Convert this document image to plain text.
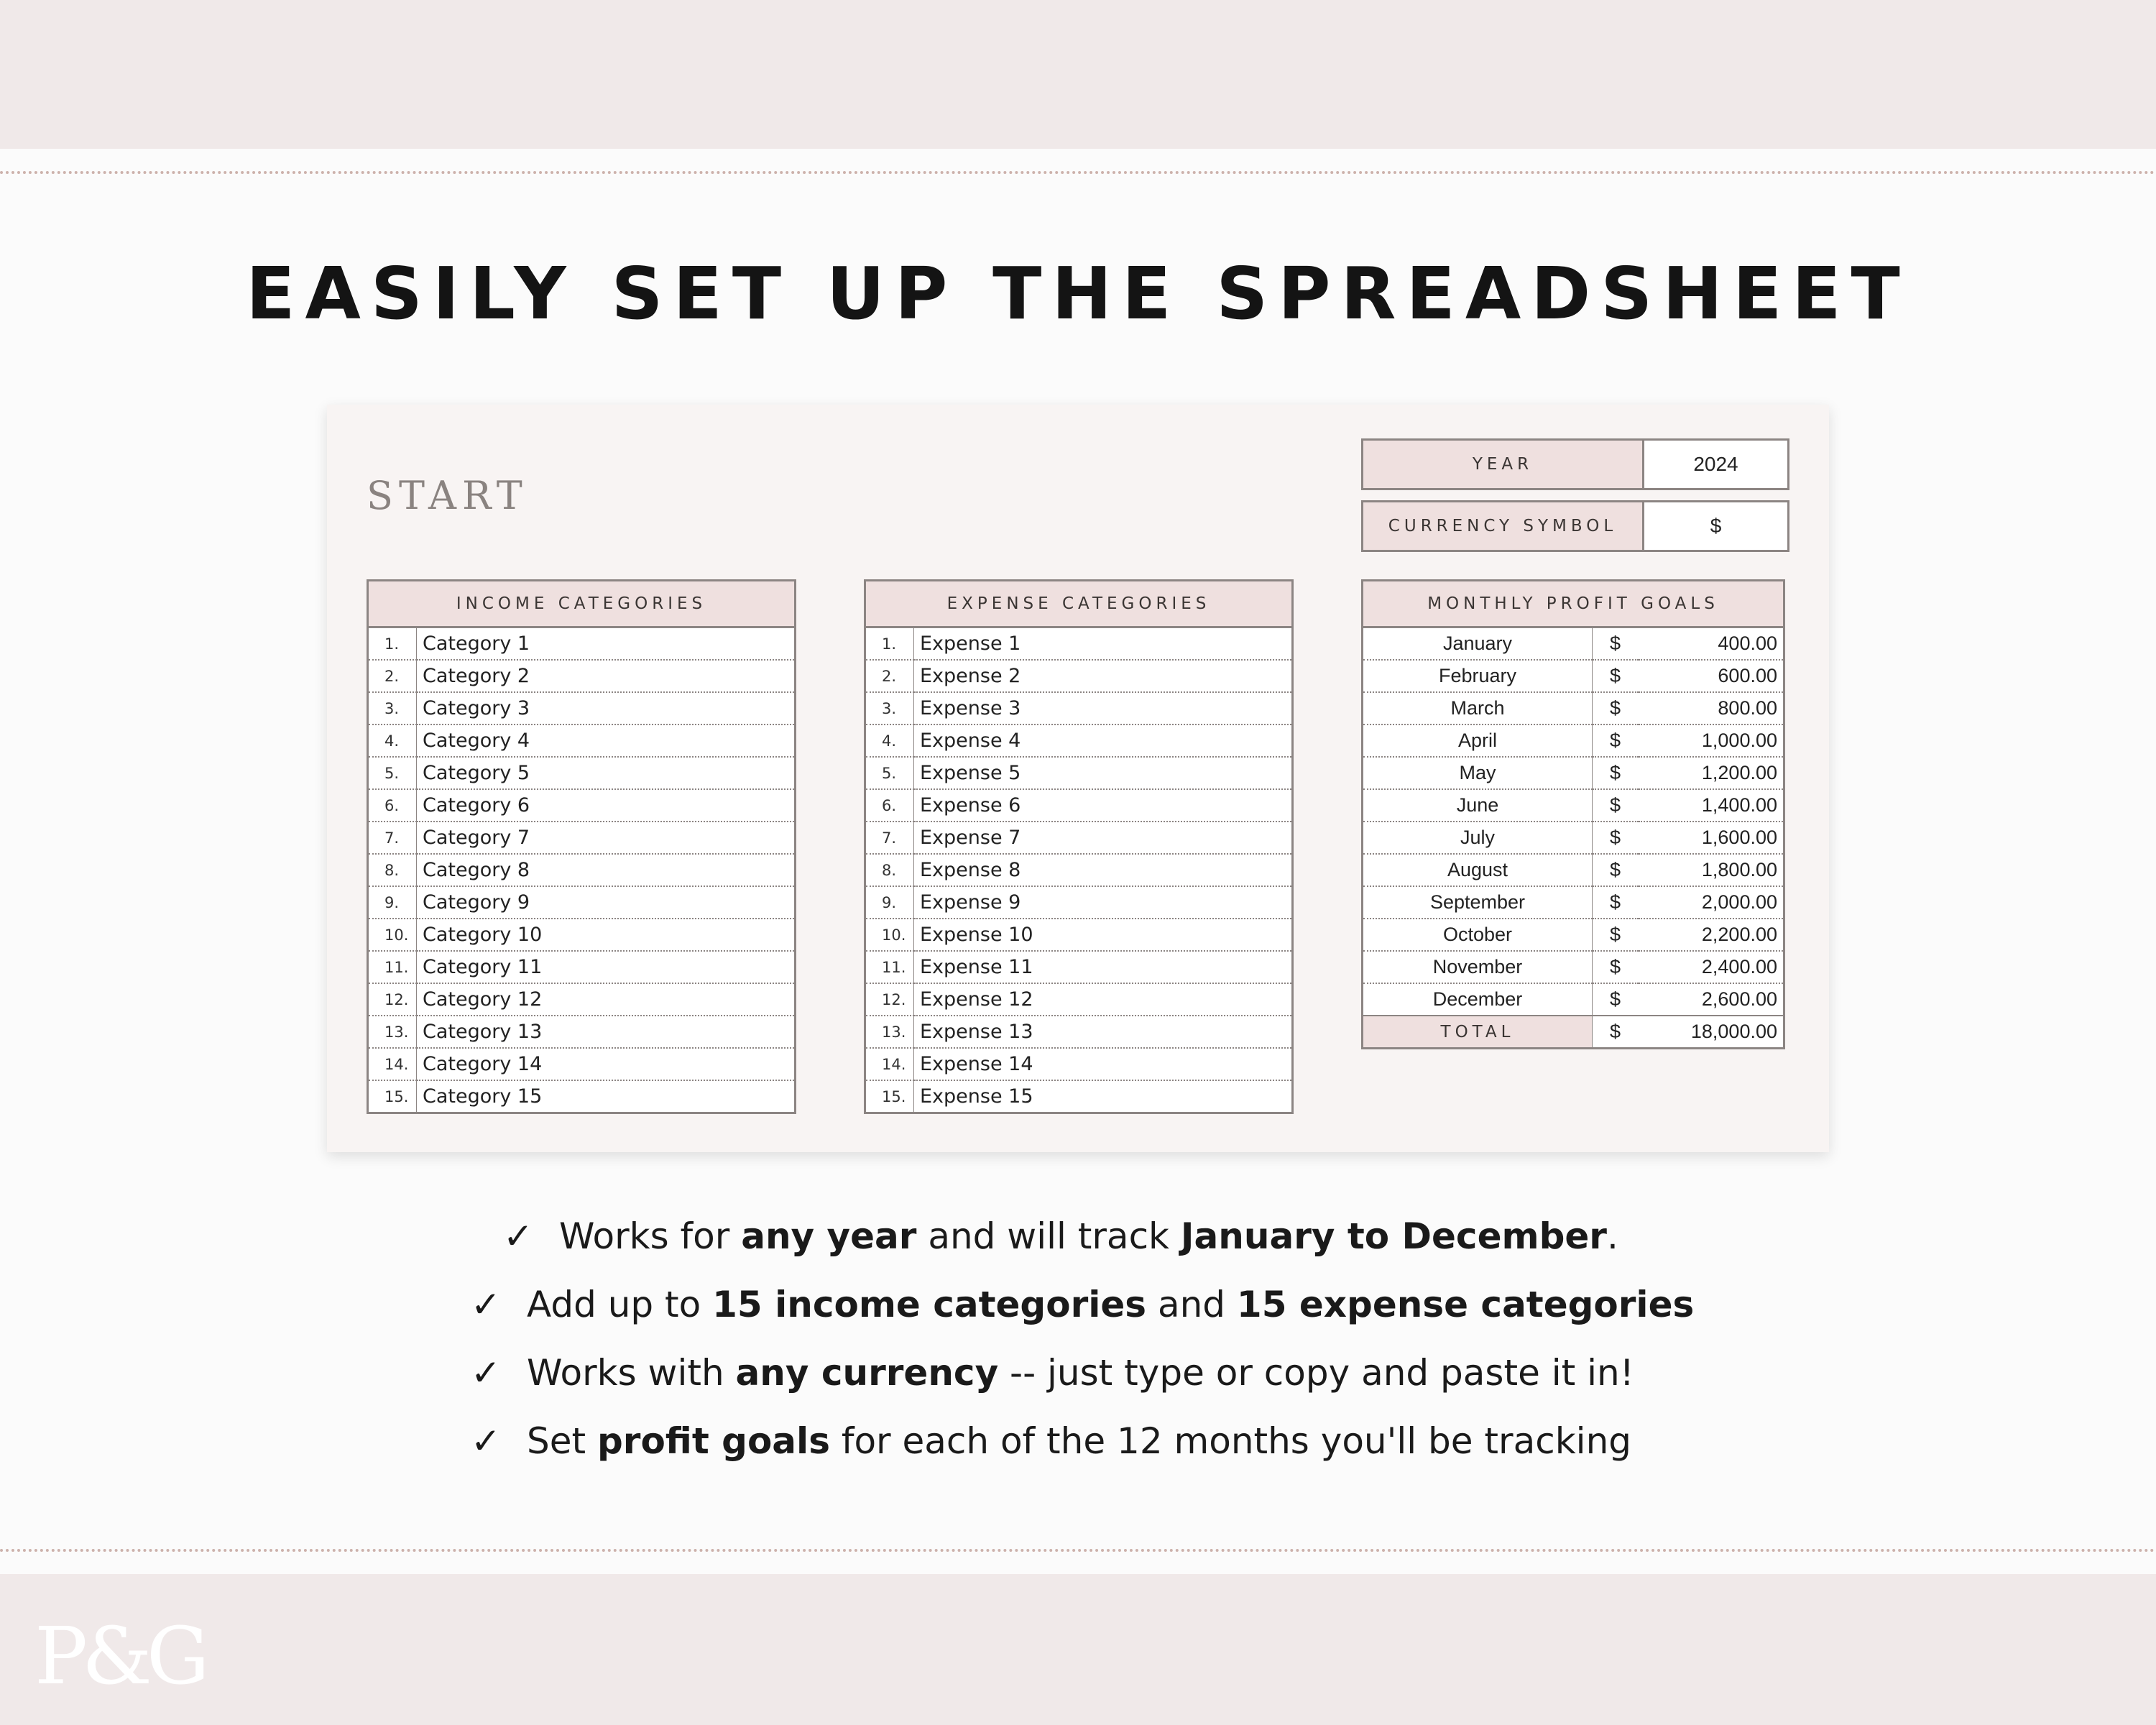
EASILY SET UP THE SPREADSHEET
START
YEAR	2024
CURRENCY SYMBOL	$
INCOME CATEGORIES	
1.	Category 1
2.	Category 2
3.	Category 3
4.	Category 4
5.	Category 5
6.	Category 6
7.	Category 7
8.	Category 8
9.	Category 9
10.	Category 10
11.	Category 11
12.	Category 12
13.	Category 13
14.	Category 14
15.	Category 15
EXPENSE CATEGORIES	
1.	Expense 1
2.	Expense 2
3.	Expense 3
4.	Expense 4
5.	Expense 5
6.	Expense 6
7.	Expense 7
8.	Expense 8
9.	Expense 9
10.	Expense 10
11.	Expense 11
12.	Expense 12
13.	Expense 13
14.	Expense 14
15.	Expense 15
MONTHLY PROFIT GOALS		
January	$	400.00
February	$	600.00
March	$	800.00
April	$	1,000.00
May	$	1,200.00
June	$	1,400.00
July	$	1,600.00
August	$	1,800.00
September	$	2,000.00
October	$	2,200.00
November	$	2,400.00
December	$	2,600.00
TOTAL	$	18,000.00
✓ Works for any year and will track January to December.
✓ Add up to 15 income categories and 15 expense categories
✓ Works with any currency -- just type or copy and paste it in!
✓ Set profit goals for each of the 12 months you'll be tracking
P&G
